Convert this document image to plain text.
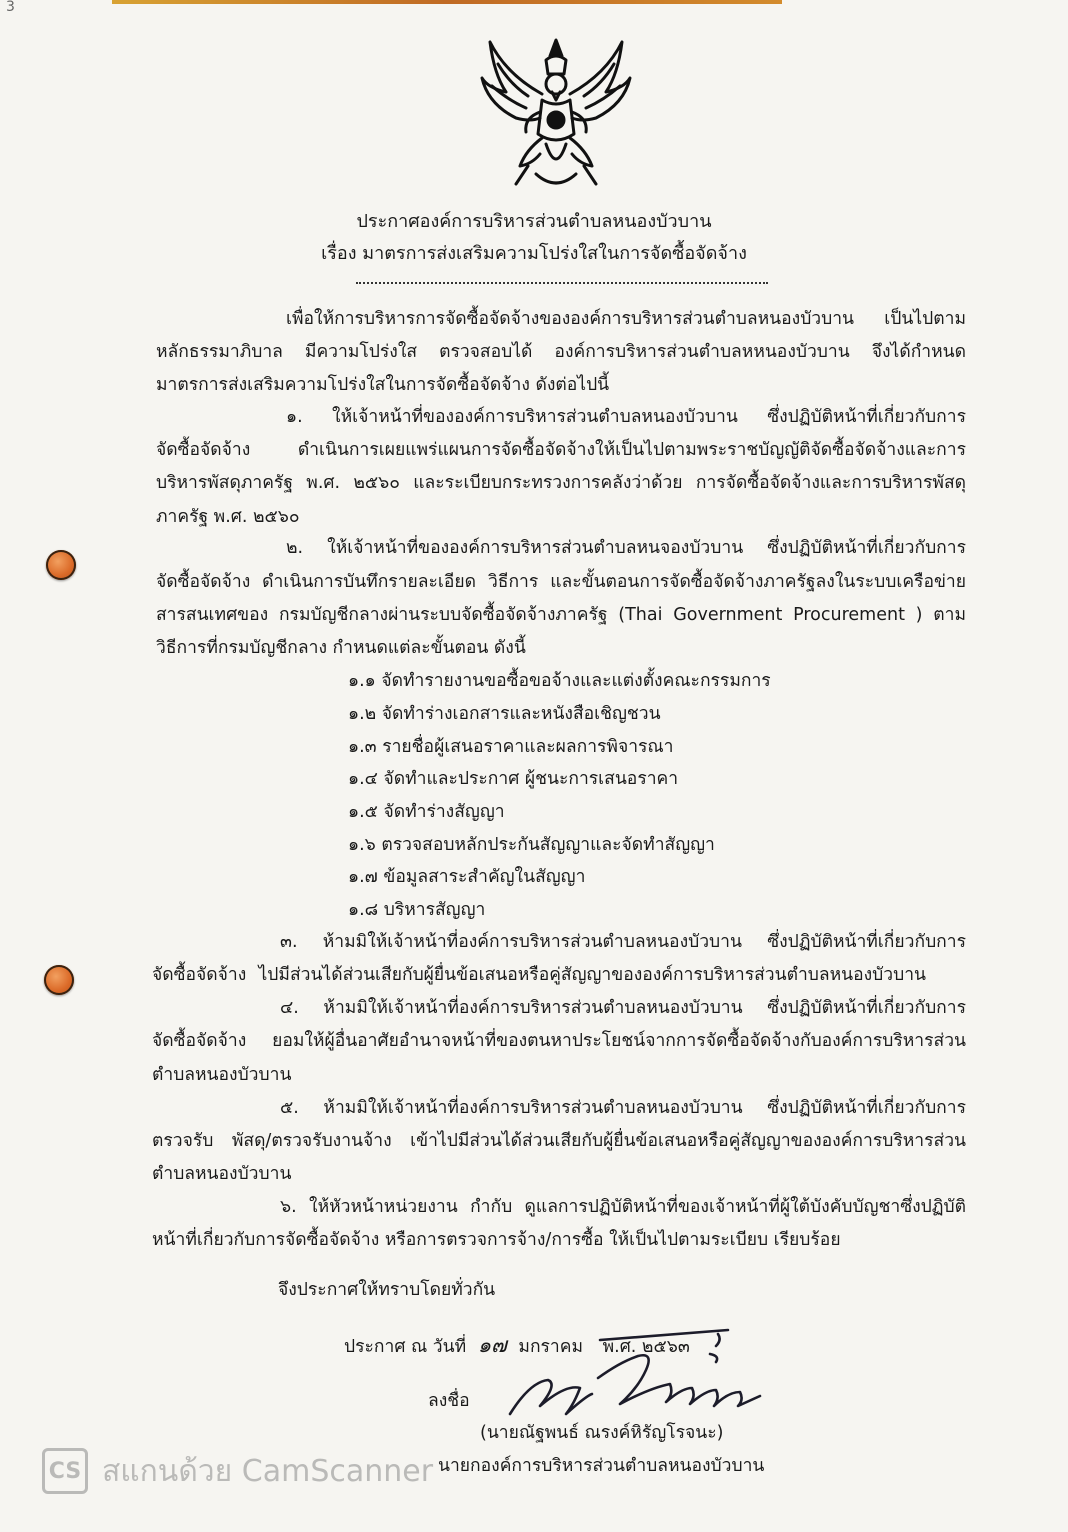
3
ประกาศองค์การบริหารส่วนตำบลหนองบัวบาน
เรื่อง มาตรการส่งเสริมความโปร่งใสในการจัดซื้อจัดจ้าง
เพื่อให้การบริหารการจัดซื้อจัดจ้างขององค์การบริหารส่วนตำบลหนองบัวบาน เป็นไปตาม
หลักธรรมาภิบาล มีความโปร่งใส ตรวจสอบได้ องค์การบริหารส่วนตำบลหหนองบัวบาน จึงได้กำหนด
มาตรการส่งเสริมความโปร่งใสในการจัดซื้อจัดจ้าง ดังต่อไปนี้
๑. ให้เจ้าหน้าที่ขององค์การบริหารส่วนตำบลหนองบัวบาน ซึ่งปฏิบัติหน้าที่เกี่ยวกับการ
จัดซื้อจัดจ้าง ดำเนินการเผยแพร่แผนการจัดซื้อจัดจ้างให้เป็นไปตามพระราชบัญญัติจัดซื้อจัดจ้างและการ
บริหารพัสดุภาครัฐ พ.ศ. ๒๕๖๐ และระเบียบกระทรวงการคลังว่าด้วย การจัดซื้อจัดจ้างและการบริหารพัสดุ
ภาครัฐ พ.ศ. ๒๕๖๐
๒. ให้เจ้าหน้าที่ขององค์การบริหารส่วนตำบลหนจองบัวบาน ซึ่งปฏิบัติหน้าที่เกี่ยวกับการ
จัดซื้อจัดจ้าง ดำเนินการบันทึกรายละเอียด วิธีการ และขั้นตอนการจัดซื้อจัดจ้างภาครัฐลงในระบบเครือข่าย
สารสนเทศของ กรมบัญชีกลางผ่านระบบจัดซื้อจัดจ้างภาครัฐ (Thai Government Procurement ) ตาม
วิธีการที่กรมบัญชีกลาง กำหนดแต่ละขั้นตอน ดังนี้
๑.๑ จัดทำรายงานขอซื้อขอจ้างและแต่งตั้งคณะกรรมการ
๑.๒ จัดทำร่างเอกสารและหนังสือเชิญชวน
๑.๓ รายชื่อผู้เสนอราคาและผลการพิจารณา
๑.๔ จัดทำและประกาศ ผู้ชนะการเสนอราคา
๑.๕ จัดทำร่างสัญญา
๑.๖ ตรวจสอบหลักประกันสัญญาและจัดทำสัญญา
๑.๗ ข้อมูลสาระสำคัญในสัญญา
๑.๘ บริหารสัญญา
๓. ห้ามมิให้เจ้าหน้าที่องค์การบริหารส่วนตำบลหนองบัวบาน ซึ่งปฏิบัติหน้าที่เกี่ยวกับการ
จัดซื้อจัดจ้าง ไปมีส่วนได้ส่วนเสียกับผู้ยื่นข้อเสนอหรือคู่สัญญาขององค์การบริหารส่วนตำบลหนองบัวบาน
๔. ห้ามมิให้เจ้าหน้าที่องค์การบริหารส่วนตำบลหนองบัวบาน ซึ่งปฏิบัติหน้าที่เกี่ยวกับการ
จัดซื้อจัดจ้าง ยอมให้ผู้อื่นอาศัยอำนาจหน้าที่ของตนหาประโยชน์จากการจัดซื้อจัดจ้างกับองค์การบริหารส่วน
ตำบลหนองบัวบาน
๕. ห้ามมิให้เจ้าหน้าที่องค์การบริหารส่วนตำบลหนองบัวบาน ซึ่งปฏิบัติหน้าที่เกี่ยวกับการ
ตรวจรับ พัสดุ/ตรวจรับงานจ้าง เข้าไปมีส่วนได้ส่วนเสียกับผู้ยื่นข้อเสนอหรือคู่สัญญาขององค์การบริหารส่วน
ตำบลหนองบัวบาน
๖. ให้หัวหน้าหน่วยงาน กำกับ ดูแลการปฏิบัติหน้าที่ของเจ้าหน้าที่ผู้ใต้บังคับบัญชาซึ่งปฏิบัติ
หน้าที่เกี่ยวกับการจัดซื้อจัดจ้าง หรือการตรวจการจ้าง/การซื้อ ให้เป็นไปตามระเบียบ เรียบร้อย
จึงประกาศให้ทราบโดยทั่วกัน
ประกาศ ณ วันที่ ๑๗ มกราคม พ.ศ. ๒๕๖๓
ลงชื่อ
(นายณัฐพนธ์ ณรงค์หิรัญโรจนะ)
นายกองค์การบริหารส่วนตำบลหนองบัวบาน
CS สแกนด้วย CamScanner
